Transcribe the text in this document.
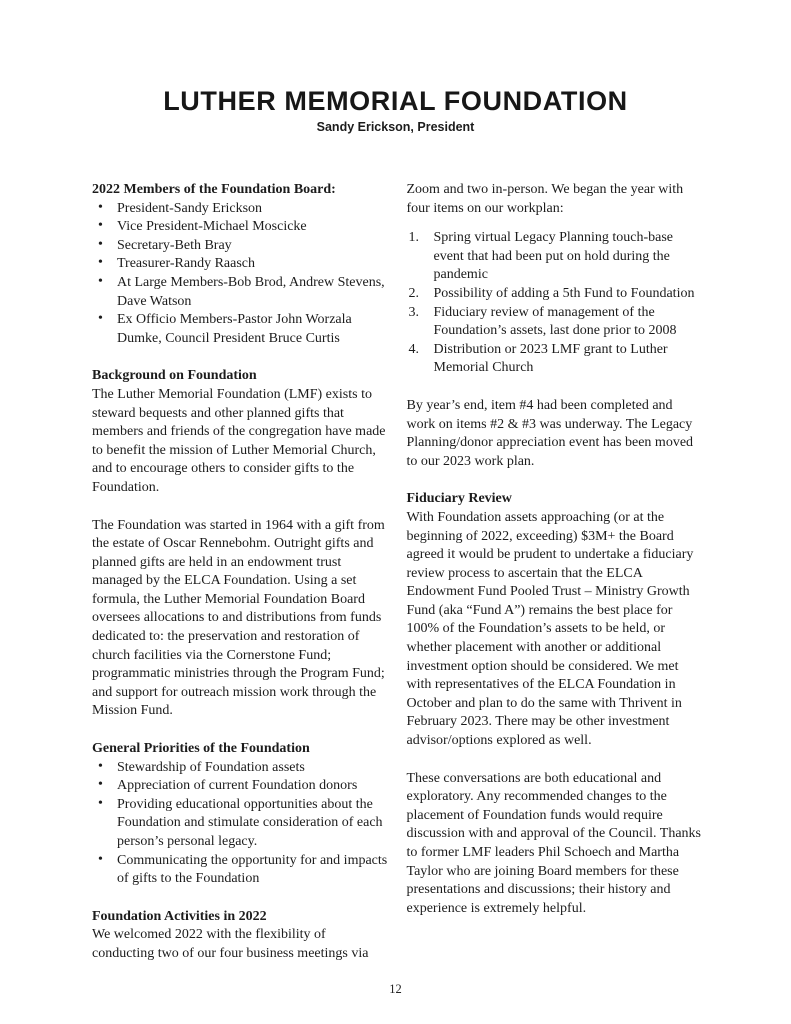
LUTHER MEMORIAL FOUNDATION
Sandy Erickson, President
2022 Members of the Foundation Board:
• President-Sandy Erickson
• Vice President-Michael Moscicke
• Secretary-Beth Bray
• Treasurer-Randy Raasch
• At Large Members-Bob Brod, Andrew Stevens, Dave Watson
• Ex Officio Members-Pastor John Worzala Dumke, Council President Bruce Curtis
Background on Foundation
The Luther Memorial Foundation (LMF) exists to steward bequests and other planned gifts that members and friends of the congregation have made to benefit the mission of Luther Memorial Church, and to encourage others to consider gifts to the Foundation.
The Foundation was started in 1964 with a gift from the estate of Oscar Rennebohm. Outright gifts and planned gifts are held in an endowment trust managed by the ELCA Foundation. Using a set formula, the Luther Memorial Foundation Board oversees allocations to and distributions from funds dedicated to: the preservation and restoration of church facilities via the Cornerstone Fund; programmatic ministries through the Program Fund; and support for outreach mission work through the Mission Fund.
General Priorities of the Foundation
• Stewardship of Foundation assets
• Appreciation of current Foundation donors
• Providing educational opportunities about the Foundation and stimulate consideration of each person’s personal legacy.
• Communicating the opportunity for and impacts of gifts to the Foundation
Foundation Activities in 2022
We welcomed 2022 with the flexibility of conducting two of our four business meetings via
Zoom and two in-person. We began the year with four items on our workplan:
Spring virtual Legacy Planning touch-base event that had been put on hold during the pandemic
Possibility of adding a 5th Fund to Foundation
Fiduciary review of management of the Foundation’s assets, last done prior to 2008
Distribution or 2023 LMF grant to Luther Memorial Church
By year’s end, item #4 had been completed and work on items #2 & #3 was underway. The Legacy Planning/donor appreciation event has been moved to our 2023 work plan.
Fiduciary Review
With Foundation assets approaching (or at the beginning of 2022, exceeding) $3M+ the Board agreed it would be prudent to undertake a fiduciary review process to ascertain that the ELCA Endowment Fund Pooled Trust – Ministry Growth Fund (aka “Fund A”) remains the best place for 100% of the Foundation’s assets to be held, or whether placement with another or additional investment option should be considered. We met with representatives of the ELCA Foundation in October and plan to do the same with Thrivent in February 2023. There may be other investment advisor/options explored as well.
These conversations are both educational and exploratory. Any recommended changes to the placement of Foundation funds would require discussion with and approval of the Council. Thanks to former LMF leaders Phil Schoech and Martha Taylor who are joining Board members for these presentations and discussions; their history and experience is extremely helpful.
12
